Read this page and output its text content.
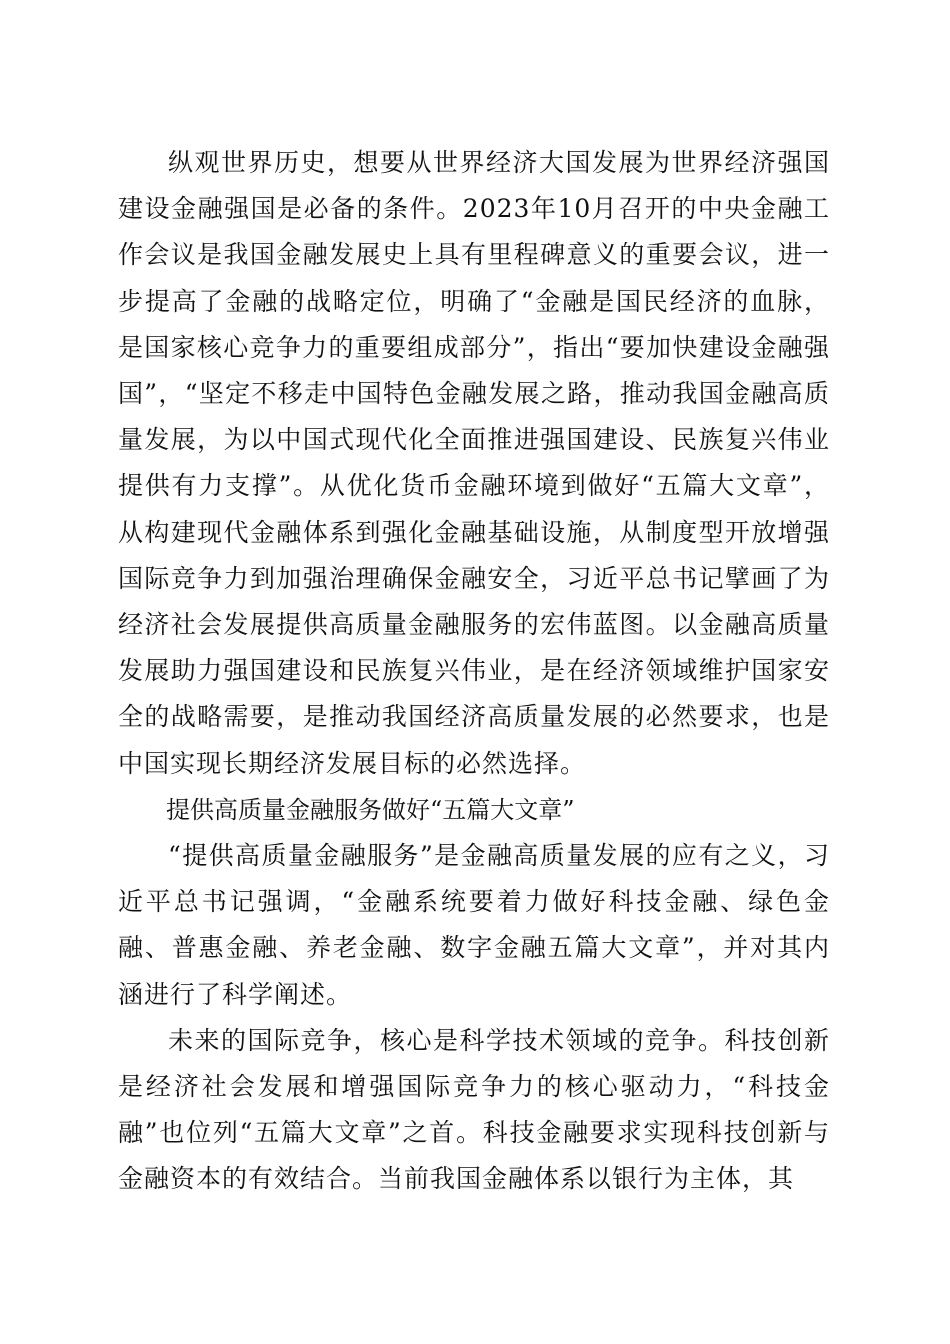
纵观世界历史，想要从世界经济大国发展为世界经济强国建设金融强国是必备的条件。2023年10月召开的中央金融工作会议是我国金融发展史上具有里程碑意义的重要会议，进一步提高了金融的战略定位，明确了“金融是国民经济的血脉，是国家核心竞争力的重要组成部分”，指出“要加快建设金融强国”，“坚定不移走中国特色金融发展之路，推动我国金融高质量发展，为以中国式现代化全面推进强国建设、民族复兴伟业提供有力支撑”。从优化货币金融环境到做好“五篇大文章”，从构建现代金融体系到强化金融基础设施，从制度型开放增强国际竞争力到加强治理确保金融安全，习近平总书记擘画了为经济社会发展提供高质量金融服务的宏伟蓝图。以金融高质量发展助力强国建设和民族复兴伟业，是在经济领域维护国家安全的战略需要，是推动我国经济高质量发展的必然要求，也是中国实现长期经济发展目标的必然选择。

提供高质量金融服务做好“五篇大文章”

“提供高质量金融服务”是金融高质量发展的应有之义，习近平总书记强调，“金融系统要着力做好科技金融、绿色金融、普惠金融、养老金融、数字金融五篇大文章”，并对其内涵进行了科学阐述。

未来的国际竞争，核心是科学技术领域的竞争。科技创新是经济社会发展和增强国际竞争力的核心驱动力，“科技金融”也位列“五篇大文章”之首。科技金融要求实现科技创新与金融资本的有效结合。当前我国金融体系以银行为主体，其
